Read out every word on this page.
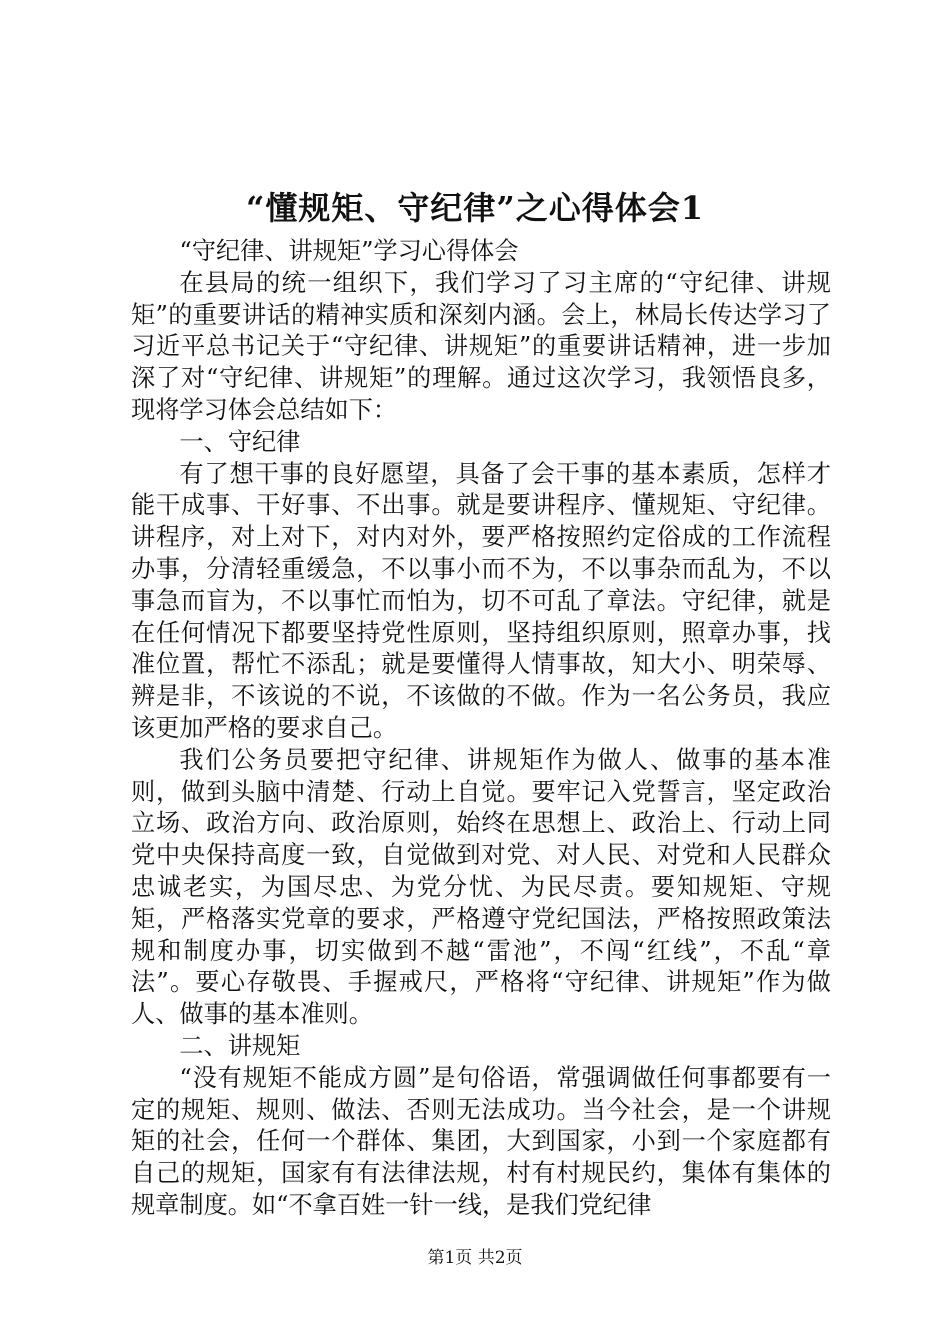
“懂规矩、守纪律”之心得体会1

“守纪律、讲规矩”学习心得体会

在县局的统一组织下，我们学习了习主席的“守纪律、讲规矩”的重要讲话的精神实质和深刻内涵。会上，林局长传达学习了习近平总书记关于“守纪律、讲规矩”的重要讲话精神，进一步加深了对“守纪律、讲规矩”的理解。通过这次学习，我领悟良多，现将学习体会总结如下：

一、守纪律

有了想干事的良好愿望，具备了会干事的基本素质，怎样才能干成事、干好事、不出事。就是要讲程序、懂规矩、守纪律。讲程序，对上对下，对内对外，要严格按照约定俗成的工作流程办事，分清轻重缓急，不以事小而不为，不以事杂而乱为，不以事急而盲为，不以事忙而怕为，切不可乱了章法。守纪律，就是在任何情况下都要坚持党性原则，坚持组织原则，照章办事，找准位置，帮忙不添乱；就是要懂得人情事故，知大小、明荣辱、辨是非，不该说的不说，不该做的不做。作为一名公务员，我应该更加严格的要求自己。

我们公务员要把守纪律、讲规矩作为做人、做事的基本准则，做到头脑中清楚、行动上自觉。要牢记入党誓言，坚定政治立场、政治方向、政治原则，始终在思想上、政治上、行动上同党中央保持高度一致，自觉做到对党、对人民、对党和人民群众忠诚老实，为国尽忠、为党分忧、为民尽责。要知规矩、守规矩，严格落实党章的要求，严格遵守党纪国法，严格按照政策法规和制度办事，切实做到不越“雷池”，不闯“红线”，不乱“章法”。要心存敬畏、手握戒尺，严格将“守纪律、讲规矩”作为做人、做事的基本准则。

二、讲规矩

“没有规矩不能成方圆”是句俗语，常强调做任何事都要有一定的规矩、规则、做法、否则无法成功。当今社会，是一个讲规矩的社会，任何一个群体、集团，大到国家，小到一个家庭都有自己的规矩，国家有有法律法规，村有村规民约，集体有集体的规章制度。如“不拿百姓一针一线，是我们党纪律

第1页 共2页
